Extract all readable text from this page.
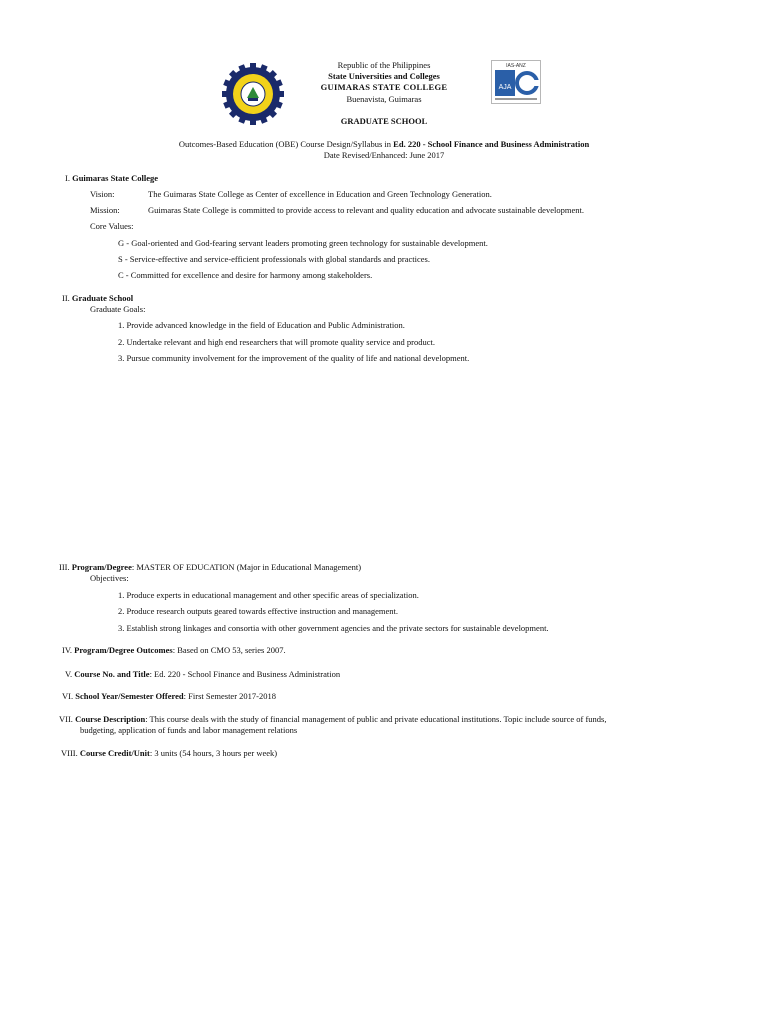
IAS-ANZ
AJA
Republic of the Philippines
State Universities and Colleges
GUIMARAS STATE COLLEGE
Buenavista, Guimaras
GRADUATE SCHOOL
Outcomes-Based Education (OBE) Course Design/Syllabus in Ed. 220 - School Finance and Business Administration
Date Revised/Enhanced: June 2017
I. Guimaras State College
Vision:	The Guimaras State College as Center of excellence in Education and Green Technology Generation.
Mission:	Guimaras State College is committed to provide access to relevant and quality education and advocate sustainable development.
Core Values:
G - Goal-oriented and God-fearing servant leaders promoting green technology for sustainable development.
S - Service-effective and service-efficient professionals with global standards and practices.
C - Committed for excellence and desire for harmony among stakeholders.
II. Graduate School
Graduate Goals:
1. Provide advanced knowledge in the field of Education and Public Administration.
2. Undertake relevant and high end researchers that will promote quality service and product.
3. Pursue community involvement for the improvement of the quality of life and national development.
III. Program/Degree: MASTER OF EDUCATION (Major in Educational Management)
Objectives:
1. Produce experts in educational management and other specific areas of specialization.
2. Produce research outputs geared towards effective instruction and management.
3. Establish strong linkages and consortia with other government agencies and the private sectors for sustainable development.
IV. Program/Degree Outcomes: Based on CMO 53, series 2007.
V. Course No. and Title: Ed. 220 - School Finance and Business Administration
VI. School Year/Semester Offered: First Semester 2017-2018
VII. Course Description: This course deals with the study of financial management of public and private educational institutions. Topic include source of funds,
budgeting, application of funds and labor management relations
VIII. Course Credit/Unit: 3 units (54 hours, 3 hours per week)
